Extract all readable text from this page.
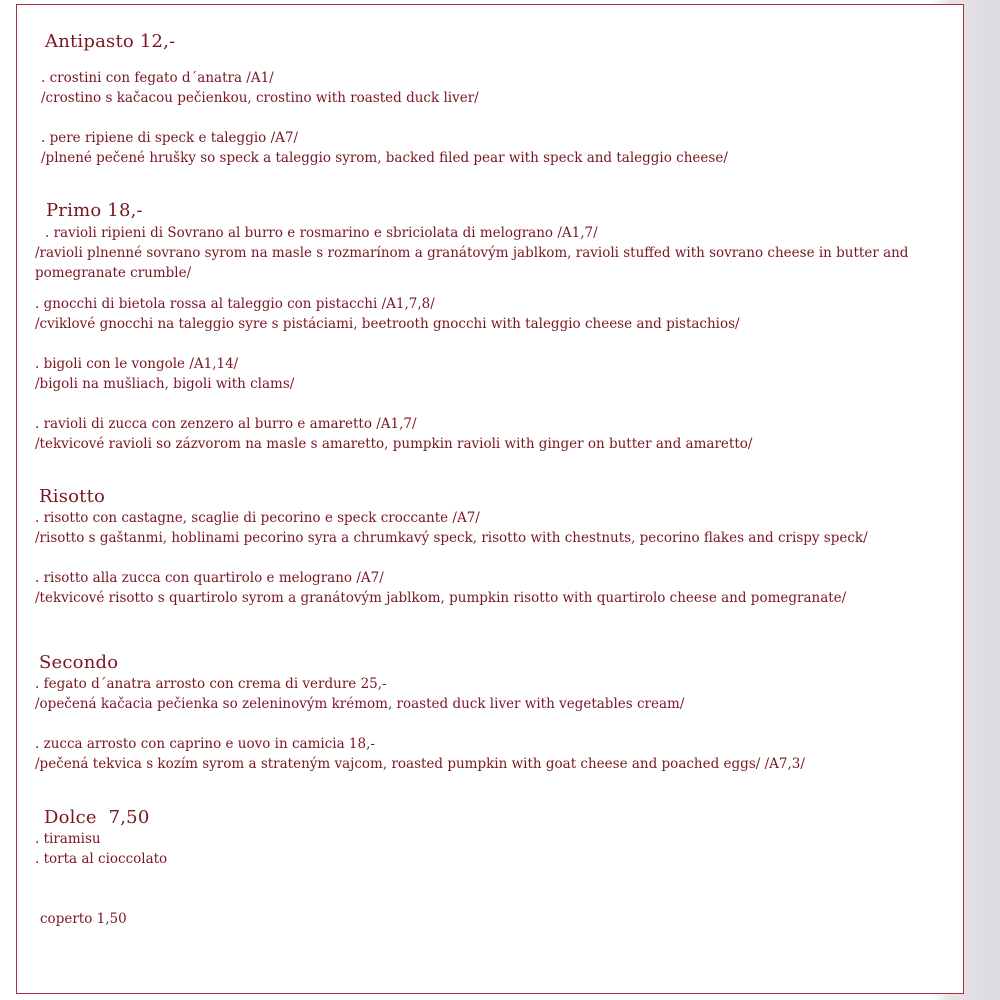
Antipasto 12,-
. crostini con fegato d´anatra /A1/
/crostino s kačacou pečienkou, crostino with roasted duck liver/
. pere ripiene di speck e taleggio /A7/
/plnené pečené hrušky so speck a taleggio syrom, backed filed pear with speck and taleggio cheese/
Primo 18,-
. ravioli ripieni di Sovrano al burro e rosmarino e sbriciolata di melograno /A1,7/
/ravioli plnenné sovrano syrom na masle s rozmarínom a granátovým jablkom, ravioli stuffed with sovrano cheese in butter and
pomegranate crumble/
. gnocchi di bietola rossa al taleggio con pistacchi /A1,7,8/
/cviklové gnocchi na taleggio syre s pistáciami, beetrooth gnocchi with taleggio cheese and pistachios/
. bigoli con le vongole /A1,14/
/bigoli na mušliach, bigoli with clams/
. ravioli di zucca con zenzero al burro e amaretto /A1,7/
/tekvicové ravioli so zázvorom na masle s amaretto, pumpkin ravioli with ginger on butter and amaretto/
Risotto
. risotto con castagne, scaglie di pecorino e speck croccante /A7/
/risotto s gaštanmi, hoblinami pecorino syra a chrumkavý speck, risotto with chestnuts, pecorino flakes and crispy speck/
. risotto alla zucca con quartirolo e melograno /A7/
/tekvicové risotto s quartirolo syrom a granátovým jablkom, pumpkin risotto with quartirolo cheese and pomegranate/
Secondo
. fegato d´anatra arrosto con crema di verdure 25,-
/opečená kačacia pečienka so zeleninovým krémom, roasted duck liver with vegetables cream/
. zucca arrosto con caprino e uovo in camicia 18,-
/pečená tekvica s kozím syrom a strateným vajcom, roasted pumpkin with goat cheese and poached eggs/ /A7,3/
Dolce  7,50
. tiramisu
. torta al cioccolato
coperto 1,50
